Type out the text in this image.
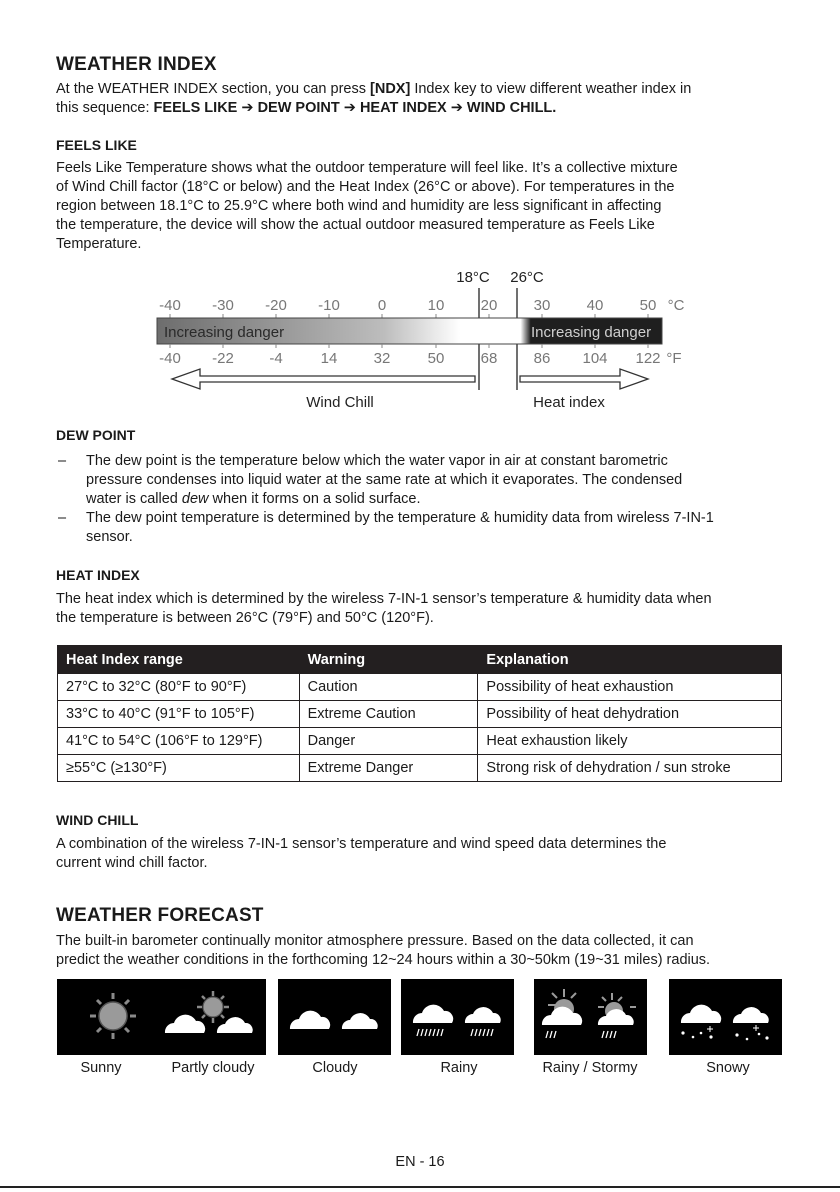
WEATHER INDEX
At the WEATHER INDEX section, you can press [NDX] Index key to view different weather index in
this sequence: FEELS LIKE ➔ DEW POINT ➔ HEAT INDEX ➔ WIND CHILL.
FEELS LIKE
Feels Like Temperature shows what the outdoor temperature will feel like. It’s a collective mixture
of Wind Chill factor (18°C or below) and the Heat Index (26°C or above). For temperatures in the
region between 18.1°C to 25.9°C where both wind and humidity are less significant in affecting
the temperature, the device will show the actual outdoor measured temperature as Feels Like
Temperature.
18°C 26°C
-40 -30 -20 -10	0	10 20 30 40 50 °C
Increasing danger	Increasing danger
-40 -22 -4	14 32 50 68 86 104 122 °F
Wind Chill	Heat index
DEW POINT
– The dew point is the temperature below which the water vapor in air at constant barometric
pressure condenses into liquid water at the same rate at which it evaporates. The condensed
water is called dew when it forms on a solid surface.
– The dew point temperature is determined by the temperature & humidity data from wireless 7-IN-1
sensor.
HEAT INDEX
The heat index which is determined by the wireless 7-IN-1 sensor’s temperature & humidity data when
the temperature is between 26°C (79°F) and 50°C (120°F).
Heat Index range	Warning	Explanation
27°C to 32°C (80°F to 90°F)	Caution	Possibility of heat exhaustion
33°C to 40°C (91°F to 105°F)	Extreme Caution	Possibility of heat dehydration
41°C to 54°C (106°F to 129°F)	Danger	Heat exhaustion likely
≥55°C (≥130°F)	Extreme Danger	Strong risk of dehydration / sun stroke
WIND CHILL
A combination of the wireless 7-IN-1 sensor’s temperature and wind speed data determines the
current wind chill factor.
WEATHER FORECAST
The built-in barometer continually monitor atmosphere pressure. Based on the data collected, it can
predict the weather conditions in the forthcoming 12~24 hours within a 30~50km (19~31 miles) radius.
Sunny	Partly cloudy	Cloudy	Rainy	Rainy / Stormy	Snowy
EN - 16
